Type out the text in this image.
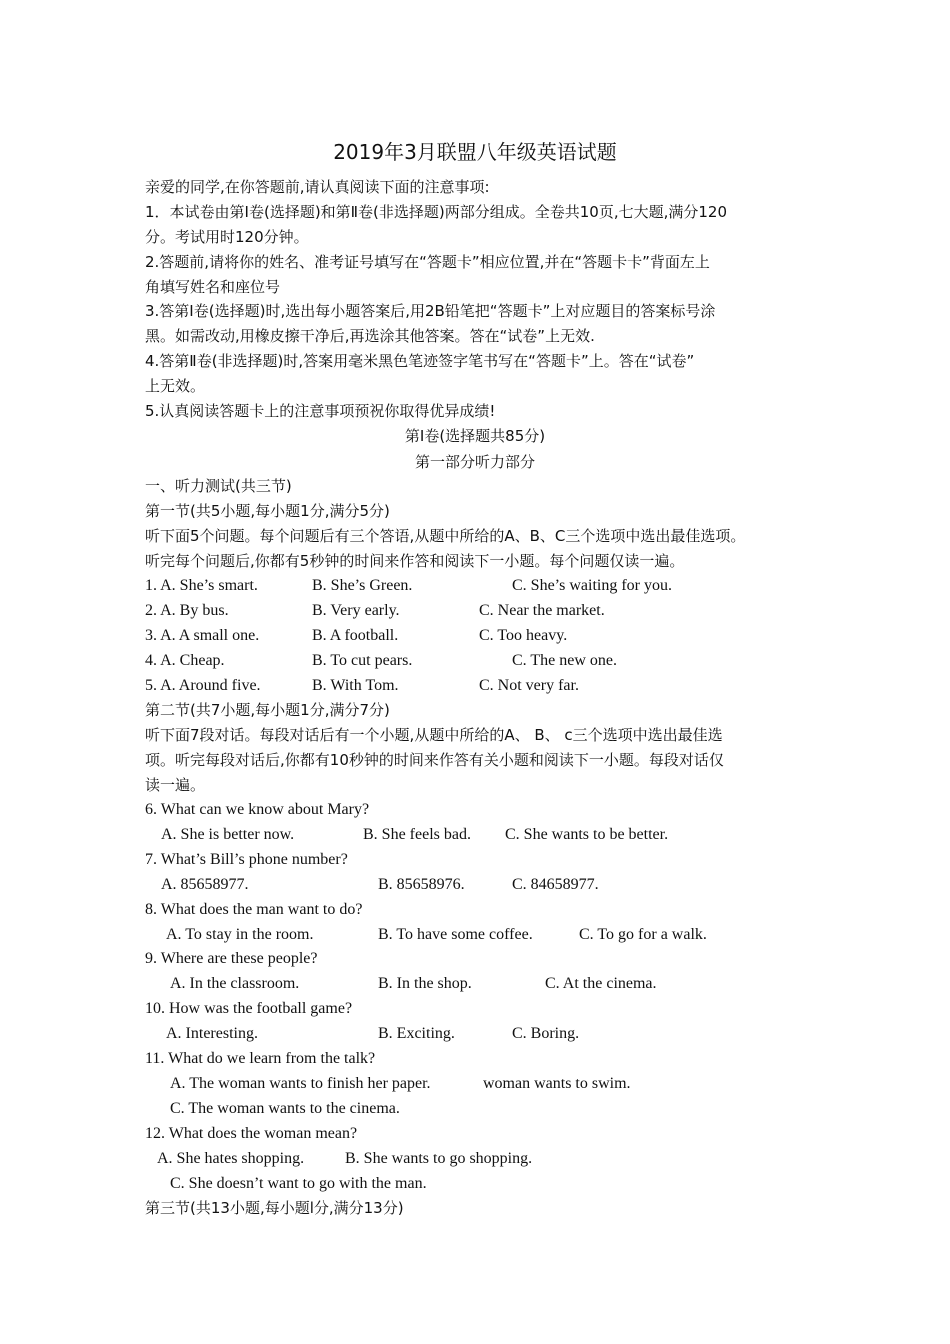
2019年3月联盟八年级英语试题
亲爱的同学,在你答题前,请认真阅读下面的注意事项:
1．本试卷由第Ⅰ卷(选择题)和第Ⅱ卷(非选择题)两部分组成。全卷共10页,七大题,满分120
分。考试用时120分钟。
2.答题前,请将你的姓名、准考证号填写在“答题卡”相应位置,并在“答题卡卡”背面左上
角填写姓名和座位号
3.答第I卷(选择题)时,选出每小题答案后,用2B铅笔把“答题卡”上对应题目的答案标号涂
黑。如需改动,用橡皮擦干净后,再选涂其他答案。答在“试卷”上无效.
4.答第Ⅱ卷(非选择题)时,答案用毫米黑色笔迹签字笔书写在“答题卡”上。答在“试卷”
上无效。
5.认真阅读答题卡上的注意事项预祝你取得优异成绩!
第I卷(选择题共85分)
第一部分听力部分
一、听力测试(共三节)
第一节(共5小题,每小题1分,满分5分)
听下面5个问题。每个问题后有三个答语,从题中所给的A、B、C三个选项中选出最佳选项。
听完每个问题后,你都有5秒钟的时间来作答和阅读下一小题。每个问题仅读一遍。
1. A. She’s smart.	B. She’s Green.	C. She’s waiting for you.
2. A. By bus.	B. Very early.	C. Near the market.
3. A. A small one.	B. A football.	C. Too heavy.
4. A. Cheap.	B. To cut pears.	C. The new one.
5. A. Around five.	B. With Tom.	C. Not very far.
第二节(共7小题,每小题1分,满分7分)
听下面7段对话。每段对话后有一个小题,从题中所给的A、 B、 c三个选项中选出最佳选
项。听完每段对话后,你都有10秒钟的时间来作答有关小题和阅读下一小题。每段对话仅
读一遍。
6. What can we know about Mary?
A. She is better now.	B. She feels bad. C. She wants to be better.
7. What’s Bill’s phone number?
A. 85658977.	B. 85658976.	C. 84658977.
8. What does the man want to do?
A. To stay in the room.	B. To have some coffee.	C. To go for a walk.
9. Where are these people?
A. In the classroom.	B. In the shop.	C. At the cinema.
10. How was the football game?
A. Interesting.	B. Exciting.	C. Boring.
11. What do we learn from the talk?
A. The woman wants to finish her paper.	woman wants to swim.
C. The woman wants to the cinema.
12. What does the woman mean?
A. She hates shopping.	B. She wants to go shopping.
C. She doesn’t want to go with the man.
第三节(共13小题,每小题l分,满分13分)
